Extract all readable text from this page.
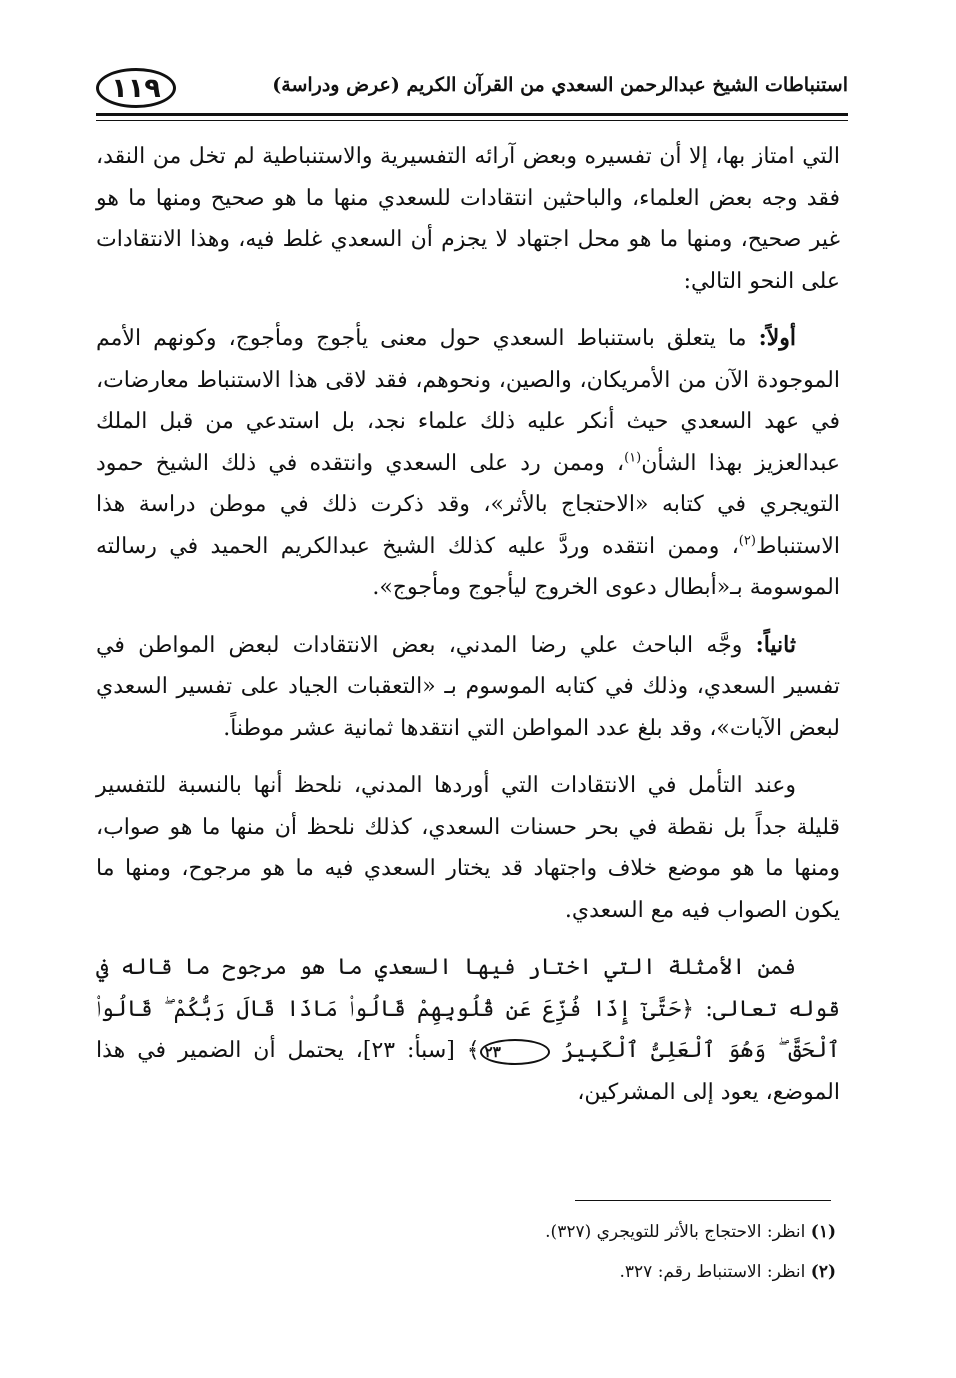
١١٩	استنباطات الشيخ عبدالرحمن السعدي من القرآن الكريم (عرض ودراسة)

التي امتاز بها، إلا أن تفسيره وبعض آرائه التفسيرية والاستنباطية لم تخل من النقد، فقد وجه بعض العلماء، والباحثين انتقادات للسعدي منها ما هو صحيح ومنها ما هو غير صحيح، ومنها ما هو محل اجتهاد لا يجزم أن السعدي غلط فيه، وهذا الانتقادات على النحو التالي:

أولاً: ما يتعلق باستنباط السعدي حول معنى يأجوج ومأجوج، وكونهم الأمم الموجودة الآن من الأمريكان، والصين، ونحوهم، فقد لاقى هذا الاستنباط معارضات، في عهد السعدي حيث أنكر عليه ذلك علماء نجد، بل استدعي من قبل الملك عبدالعزيز بهذا الشأن$^{(١)}$، وممن رد على السعدي وانتقده في ذلك الشيخ حمود التويجري في كتابه «الاحتجاج بالأثر»، وقد ذكرت ذلك في موطن دراسة هذا الاستنباط$^{(٢)}$، وممن انتقده وردَّ عليه كذلك الشيخ عبدالكريم الحميد في رسالته الموسومة بـ«أبطال دعوى الخروج ليأجوج ومأجوج».

ثانياً: وجَّه الباحث علي رضا المدني، بعض الانتقادات لبعض المواطن في تفسير السعدي، وذلك في كتابه الموسوم بـ «التعقبات الجياد على تفسير السعدي لبعض الآيات»، وقد بلغ عدد المواطن التي انتقدها ثمانية عشر موطناً.

وعند التأمل في الانتقادات التي أوردها المدني، نلحظ أنها بالنسبة للتفسير قليلة جداً بل نقطة في بحر حسنات السعدي، كذلك نلحظ أن منها ما هو صواب، ومنها ما هو موضع خلاف واجتهاد قد يختار السعدي فيه ما هو مرجوح، ومنها ما يكون الصواب فيه مع السعدي.

فمن الأمثلة التي اختار فيها السعدي ما هو مرجوح ما قاله في قوله تعالى: ﴿حَتَّىٰٓ إِذَا فُزِّعَ عَن قُلُوبِهِمْ قَالُوا۟ مَاذَا قَالَ رَبُّكُمْ ۖ قَالُوا۟ ٱلْحَقَّ ۖ وَهُوَ ٱلْعَلِىُّ ٱلْكَبِيرُ ٢٣﴾ [سبأ: ٢٣]، يحتمل أن الضمير في هذا الموضع، يعود إلى المشركين،

(١) انظر: الاحتجاج بالأثر للتويجري (٣٢٧).
(٢) انظر: الاستنباط رقم: ٣٢٧.
